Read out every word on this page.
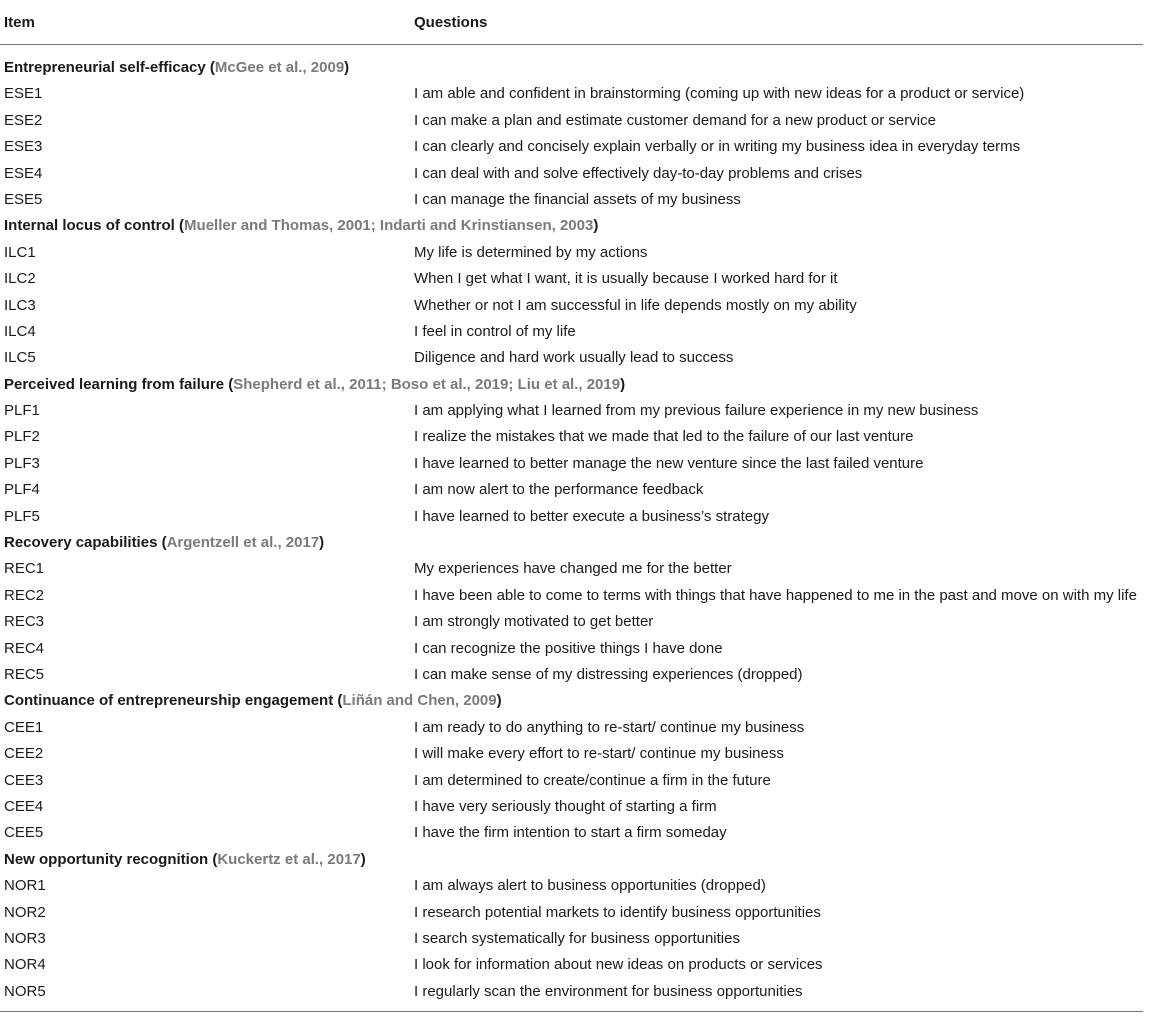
Item	Questions
Entrepreneurial self-efficacy (McGee et al., 2009)
ESE1	I am able and confident in brainstorming (coming up with new ideas for a product or service)
ESE2	I can make a plan and estimate customer demand for a new product or service
ESE3	I can clearly and concisely explain verbally or in writing my business idea in everyday terms
ESE4	I can deal with and solve effectively day-to-day problems and crises
ESE5	I can manage the financial assets of my business
Internal locus of control (Mueller and Thomas, 2001; Indarti and Krinstiansen, 2003)
ILC1	My life is determined by my actions
ILC2	When I get what I want, it is usually because I worked hard for it
ILC3	Whether or not I am successful in life depends mostly on my ability
ILC4	I feel in control of my life
ILC5	Diligence and hard work usually lead to success
Perceived learning from failure (Shepherd et al., 2011; Boso et al., 2019; Liu et al., 2019)
PLF1	I am applying what I learned from my previous failure experience in my new business
PLF2	I realize the mistakes that we made that led to the failure of our last venture
PLF3	I have learned to better manage the new venture since the last failed venture
PLF4	I am now alert to the performance feedback
PLF5	I have learned to better execute a business’s strategy
Recovery capabilities (Argentzell et al., 2017)
REC1	My experiences have changed me for the better
REC2	I have been able to come to terms with things that have happened to me in the past and move on with my life
REC3	I am strongly motivated to get better
REC4	I can recognize the positive things I have done
REC5	I can make sense of my distressing experiences (dropped)
Continuance of entrepreneurship engagement (Liñán and Chen, 2009)
CEE1	I am ready to do anything to re-start/ continue my business
CEE2	I will make every effort to re-start/ continue my business
CEE3	I am determined to create/continue a firm in the future
CEE4	I have very seriously thought of starting a firm
CEE5	I have the firm intention to start a firm someday
New opportunity recognition (Kuckertz et al., 2017)
NOR1	I am always alert to business opportunities (dropped)
NOR2	I research potential markets to identify business opportunities
NOR3	I search systematically for business opportunities
NOR4	I look for information about new ideas on products or services
NOR5	I regularly scan the environment for business opportunities
